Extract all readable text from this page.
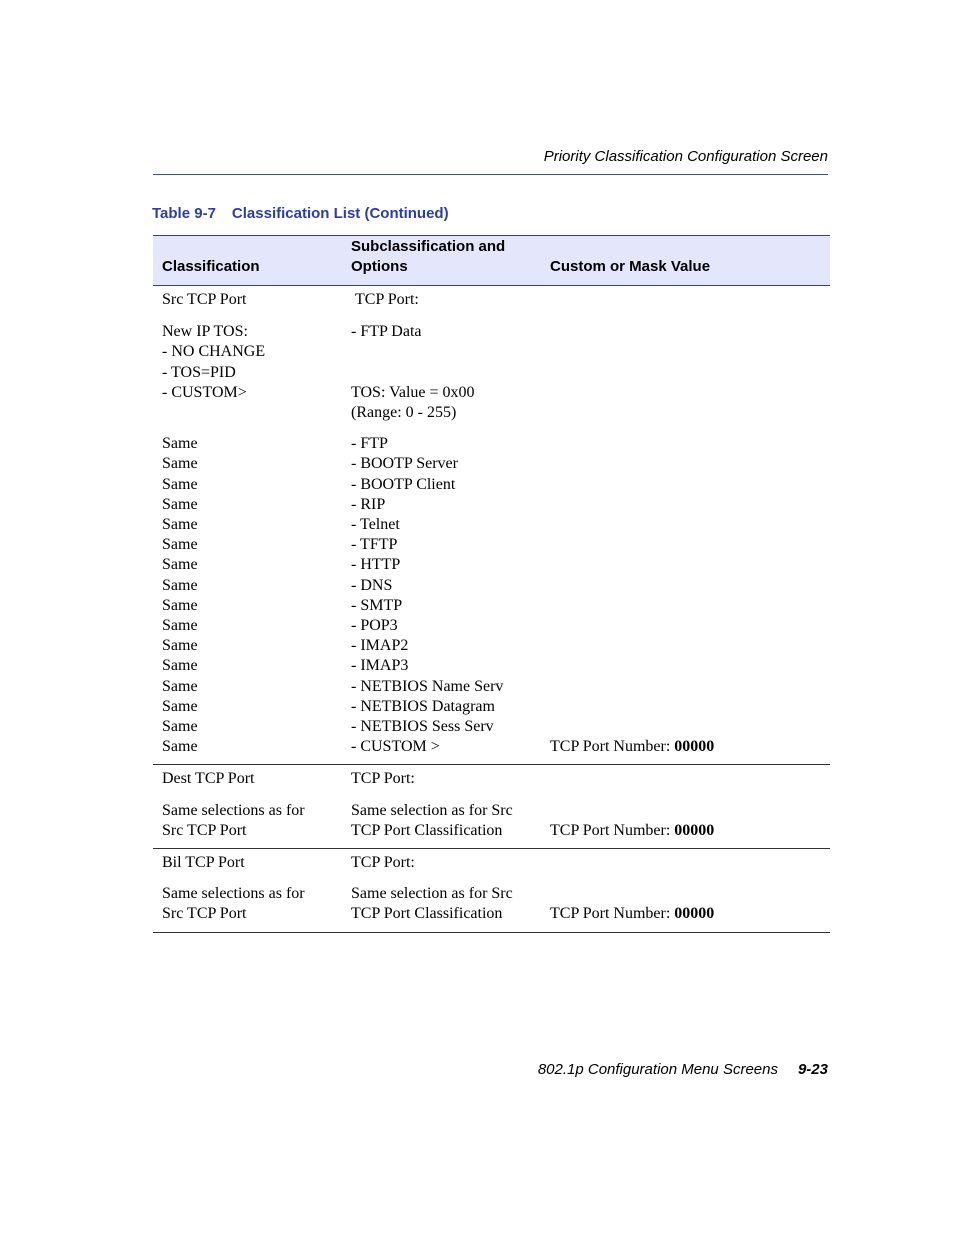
Priority Classification Configuration Screen
Table 9-7 Classification List (Continued)
Classification
Subclassification and
Options	Custom or Mask Value
Src TCP Port	TCP Port:
New IP TOS:	- FTP Data
- NO CHANGE
- TOS=PID
- CUSTOM>	TOS: Value = 0x00
(Range: 0 - 255)
Same	- FTP
Same	- BOOTP Server
Same	- BOOTP Client
Same	- RIP
Same	- Telnet
Same	- TFTP
Same	- HTTP
Same	- DNS
Same	- SMTP
Same	- POP3
Same	- IMAP2
Same	- IMAP3
Same	- NETBIOS Name Serv
Same	- NETBIOS Datagram
Same	- NETBIOS Sess Serv
Same	- CUSTOM >	TCP Port Number: 00000
Dest TCP Port	TCP Port:
Same selections as for	Same selection as for Src
Src TCP Port	TCP Port Classification	TCP Port Number: 00000
Bil TCP Port	TCP Port:
Same selections as for	Same selection as for Src
Src TCP Port	TCP Port Classification	TCP Port Number: 00000
802.1p Configuration Menu Screens 9-23
